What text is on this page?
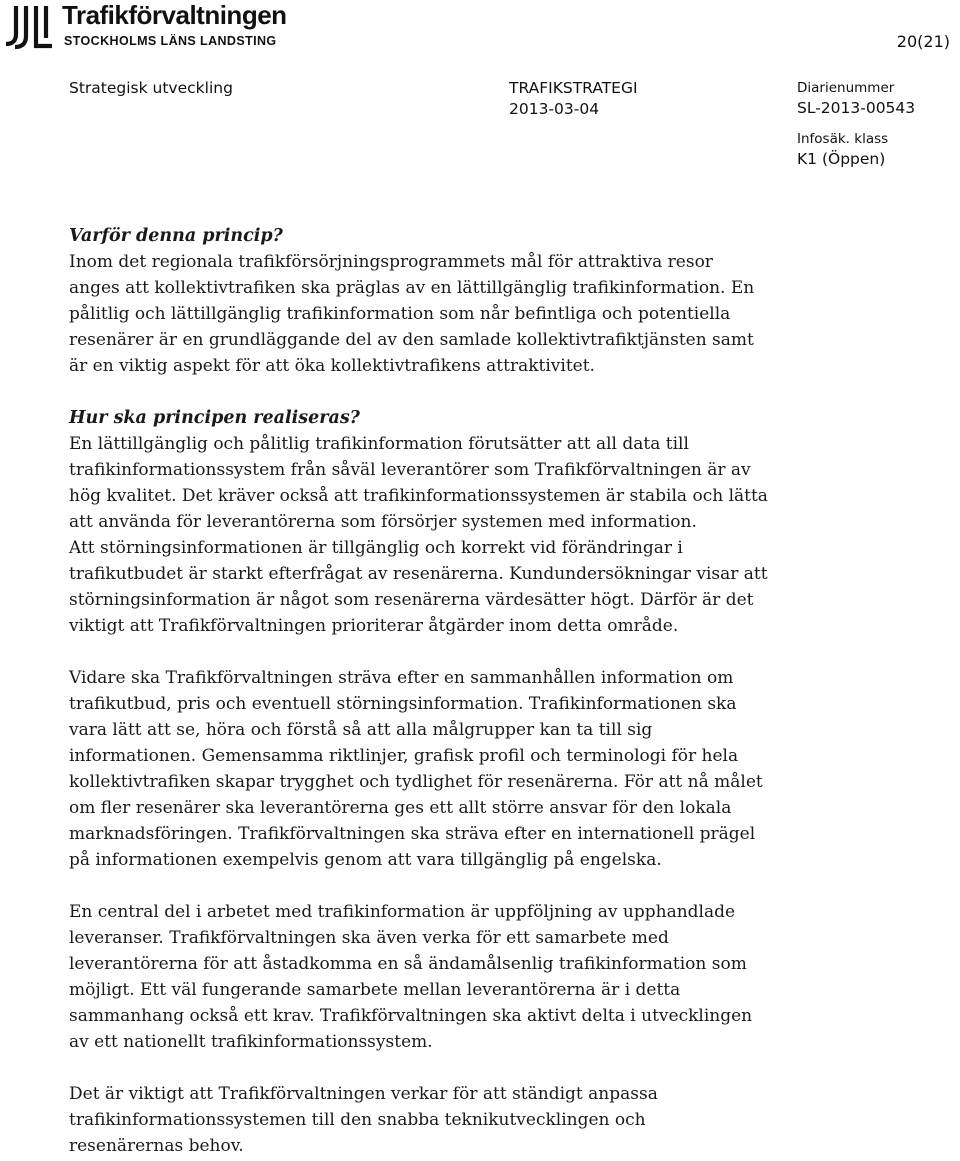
Trafikförvaltningen
STOCKHOLMS LÄNS LANDSTING	20(21)
Strategisk utveckling	TRAFIKSTRATEGI
2013-03-04
Diarienummer
SL-2013-00543
Infosäk. klass
K1 (Öppen)
Varför denna princip?

Inom det regionala trafikförsörjningsprogrammets mål för attraktiva resor
anges att kollektivtrafiken ska präglas av en lättillgänglig trafikinformation. En
pålitlig och lättillgänglig trafikinformation som når befintliga och potentiella
resenärer är en grundläggande del av den samlade kollektivtrafiktjänsten samt
är en viktig aspekt för att öka kollektivtrafikens attraktivitet.

Hur ska principen realiseras?

En lättillgänglig och pålitlig trafikinformation förutsätter att all data till
trafikinformationssystem från såväl leverantörer som Trafikförvaltningen är av
hög kvalitet. Det kräver också att trafikinformationssystemen är stabila och lätta
att använda för leverantörerna som försörjer systemen med information.
Att störningsinformationen är tillgänglig och korrekt vid förändringar i
trafikutbudet är starkt efterfrågat av resenärerna. Kundundersökningar visar att
störningsinformation är något som resenärerna värdesätter högt. Därför är det
viktigt att Trafikförvaltningen prioriterar åtgärder inom detta område.

Vidare ska Trafikförvaltningen sträva efter en sammanhållen information om
trafikutbud, pris och eventuell störningsinformation. Trafikinformationen ska
vara lätt att se, höra och förstå så att alla målgrupper kan ta till sig
informationen. Gemensamma riktlinjer, grafisk profil och terminologi för hela
kollektivtrafiken skapar trygghet och tydlighet för resenärerna. För att nå målet
om fler resenärer ska leverantörerna ges ett allt större ansvar för den lokala
marknadsföringen. Trafikförvaltningen ska sträva efter en internationell prägel
på informationen exempelvis genom att vara tillgänglig på engelska.

En central del i arbetet med trafikinformation är uppföljning av upphandlade
leveranser. Trafikförvaltningen ska även verka för ett samarbete med
leverantörerna för att åstadkomma en så ändamålsenlig trafikinformation som
möjligt. Ett väl fungerande samarbete mellan leverantörerna är i detta
sammanhang också ett krav. Trafikförvaltningen ska aktivt delta i utvecklingen
av ett nationellt trafikinformationssystem.

Det är viktigt att Trafikförvaltningen verkar för att ständigt anpassa
trafikinformationssystemen till den snabba teknikutvecklingen och
resenärernas behov.
